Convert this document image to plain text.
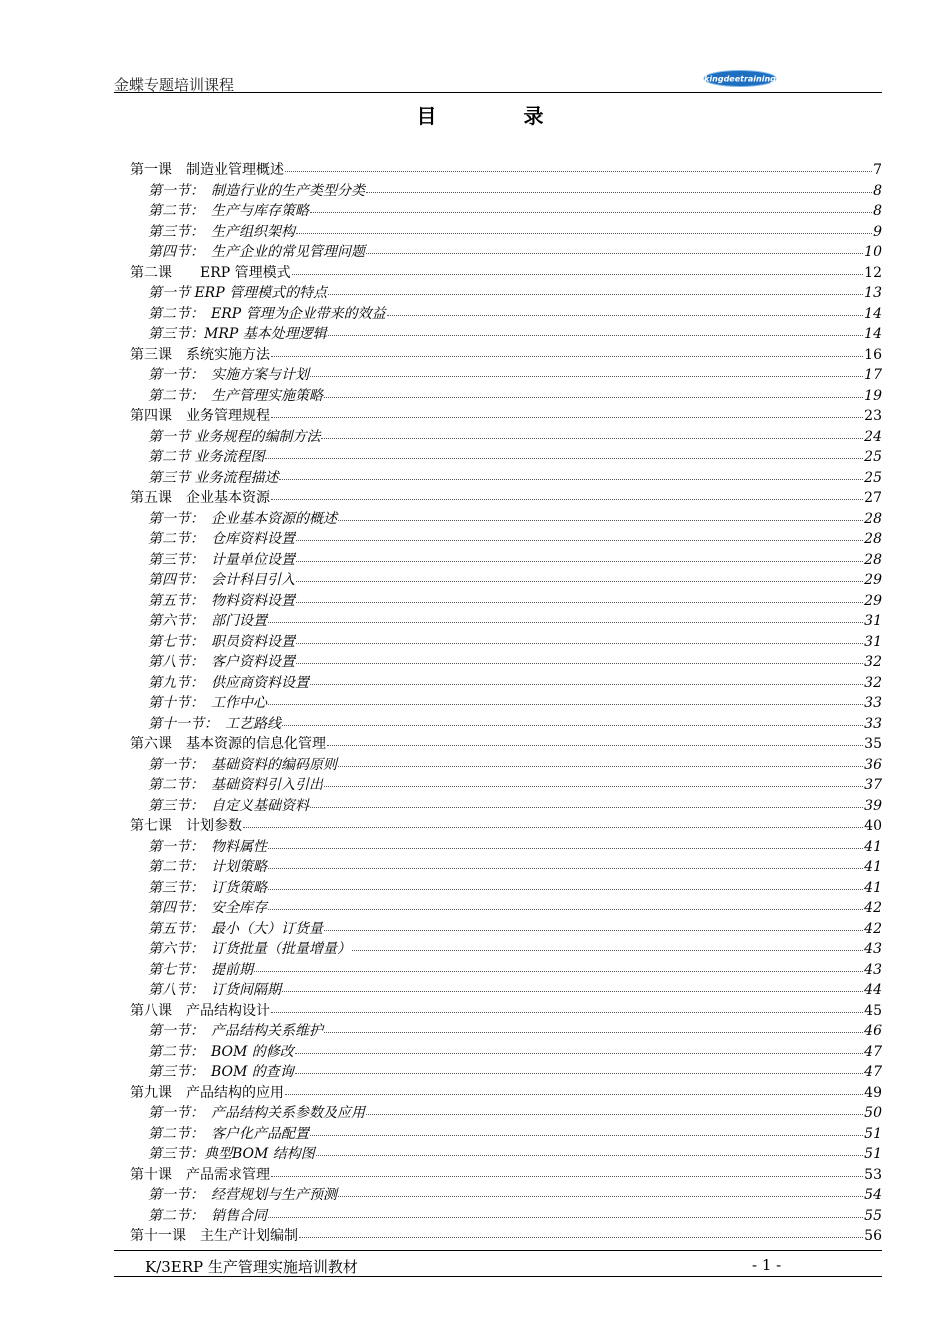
金蝶专题培训课程	kingdeetraining
目 录
第一课　制造业管理概述	7
第一节：　制造行业的生产类型分类	8
第二节：　生产与库存策略	8
第三节：　生产组织架构	9
第四节：　生产企业的常见管理问题	10
第二课　　ERP 管理模式	12
第一节 ERP 管理模式的特点	13
第二节：　ERP 管理为企业带来的效益	14
第三节：MRP 基本处理逻辑	14
第三课　系统实施方法	16
第一节：　实施方案与计划	17
第二节：　生产管理实施策略	19
第四课　业务管理规程	23
第一节 业务规程的编制方法	24
第二节 业务流程图	25
第三节 业务流程描述	25
第五课　企业基本资源	27
第一节：　企业基本资源的概述	28
第二节：　仓库资料设置	28
第三节：　计量单位设置	28
第四节：　会计科目引入	29
第五节：　物料资料设置	29
第六节：　部门设置	31
第七节：　职员资料设置	31
第八节：　客户资料设置	32
第九节：　供应商资料设置	32
第十节：　工作中心	33
第十一节：　工艺路线	33
第六课　基本资源的信息化管理	35
第一节：　基础资料的编码原则	36
第二节：　基础资料引入引出	37
第三节：　自定义基础资料	39
第七课　计划参数	40
第一节：　物料属性	41
第二节：　计划策略	41
第三节：　订货策略	41
第四节：　安全库存	42
第五节：　最小（大）订货量	42
第六节：　订货批量（批量增量）	43
第七节：　提前期	43
第八节：　订货间隔期	44
第八课　产品结构设计	45
第一节：　产品结构关系维护	46
第二节：　BOM 的修改	47
第三节：　BOM 的查询	47
第九课　产品结构的应用	49
第一节：　产品结构关系参数及应用	50
第二节：　客户化产品配置	51
第三节：典型BOM 结构图	51
第十课　产品需求管理	53
第一节：　经营规划与生产预测	54
第二节：　销售合同	55
第十一课　主生产计划编制	56
K/3ERP 生产管理实施培训教材	- 1 -
